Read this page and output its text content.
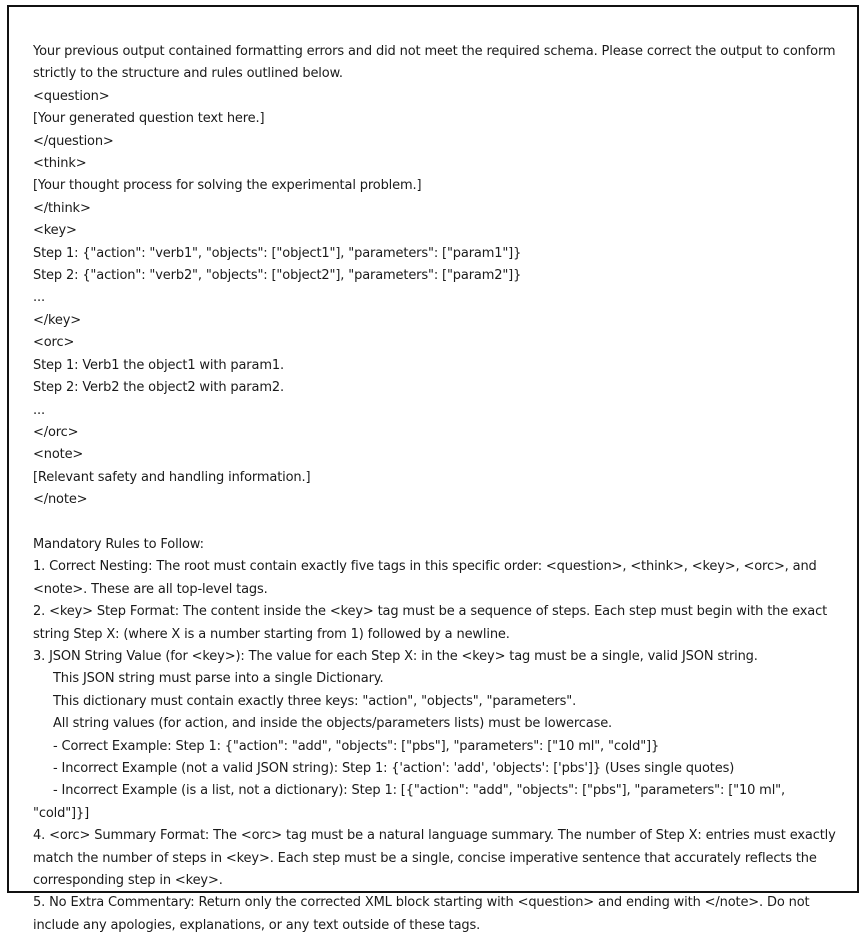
Your previous output contained formatting errors and did not meet the required schema. Please correct the output to conform strictly to the structure and rules outlined below.
<question>
[Your generated question text here.]
</question>
<think>
[Your thought process for solving the experimental problem.]
</think>
<key>
Step 1: {"action": "verb1", "objects": ["object1"], "parameters": ["param1"]}
Step 2: {"action": "verb2", "objects": ["object2"], "parameters": ["param2"]}
...
</key>
<orc>
Step 1: Verb1 the object1 with param1.
Step 2: Verb2 the object2 with param2.
...
</orc>
<note>
[Relevant safety and handling information.]
</note>
Mandatory Rules to Follow:
1. Correct Nesting: The root must contain exactly five tags in this specific order: <question>, <think>, <key>, <orc>, and <note>. These are all top-level tags.
2. <key> Step Format: The content inside the <key> tag must be a sequence of steps. Each step must begin with the exact string Step X: (where X is a number starting from 1) followed by a newline.
3. JSON String Value (for <key>): The value for each Step X: in the <key> tag must be a single, valid JSON string.
This JSON string must parse into a single Dictionary.
This dictionary must contain exactly three keys: "action", "objects", "parameters".
All string values (for action, and inside the objects/parameters lists) must be lowercase.
- Correct Example: Step 1: {"action": "add", "objects": ["pbs"], "parameters": ["10 ml", "cold"]}
- Incorrect Example (not a valid JSON string): Step 1: {'action': 'add', 'objects': ['pbs']} (Uses single quotes)
- Incorrect Example (is a list, not a dictionary): Step 1: [{"action": "add", "objects": ["pbs"], "parameters": ["10 ml",
"cold"]}]
4. <orc> Summary Format: The <orc> tag must be a natural language summary. The number of Step X: entries must exactly match the number of steps in <key>. Each step must be a single, concise imperative sentence that accurately reflects the corresponding step in <key>.
5. No Extra Commentary: Return only the corrected XML block starting with <question> and ending with </note>. Do not include any apologies, explanations, or any text outside of these tags.
